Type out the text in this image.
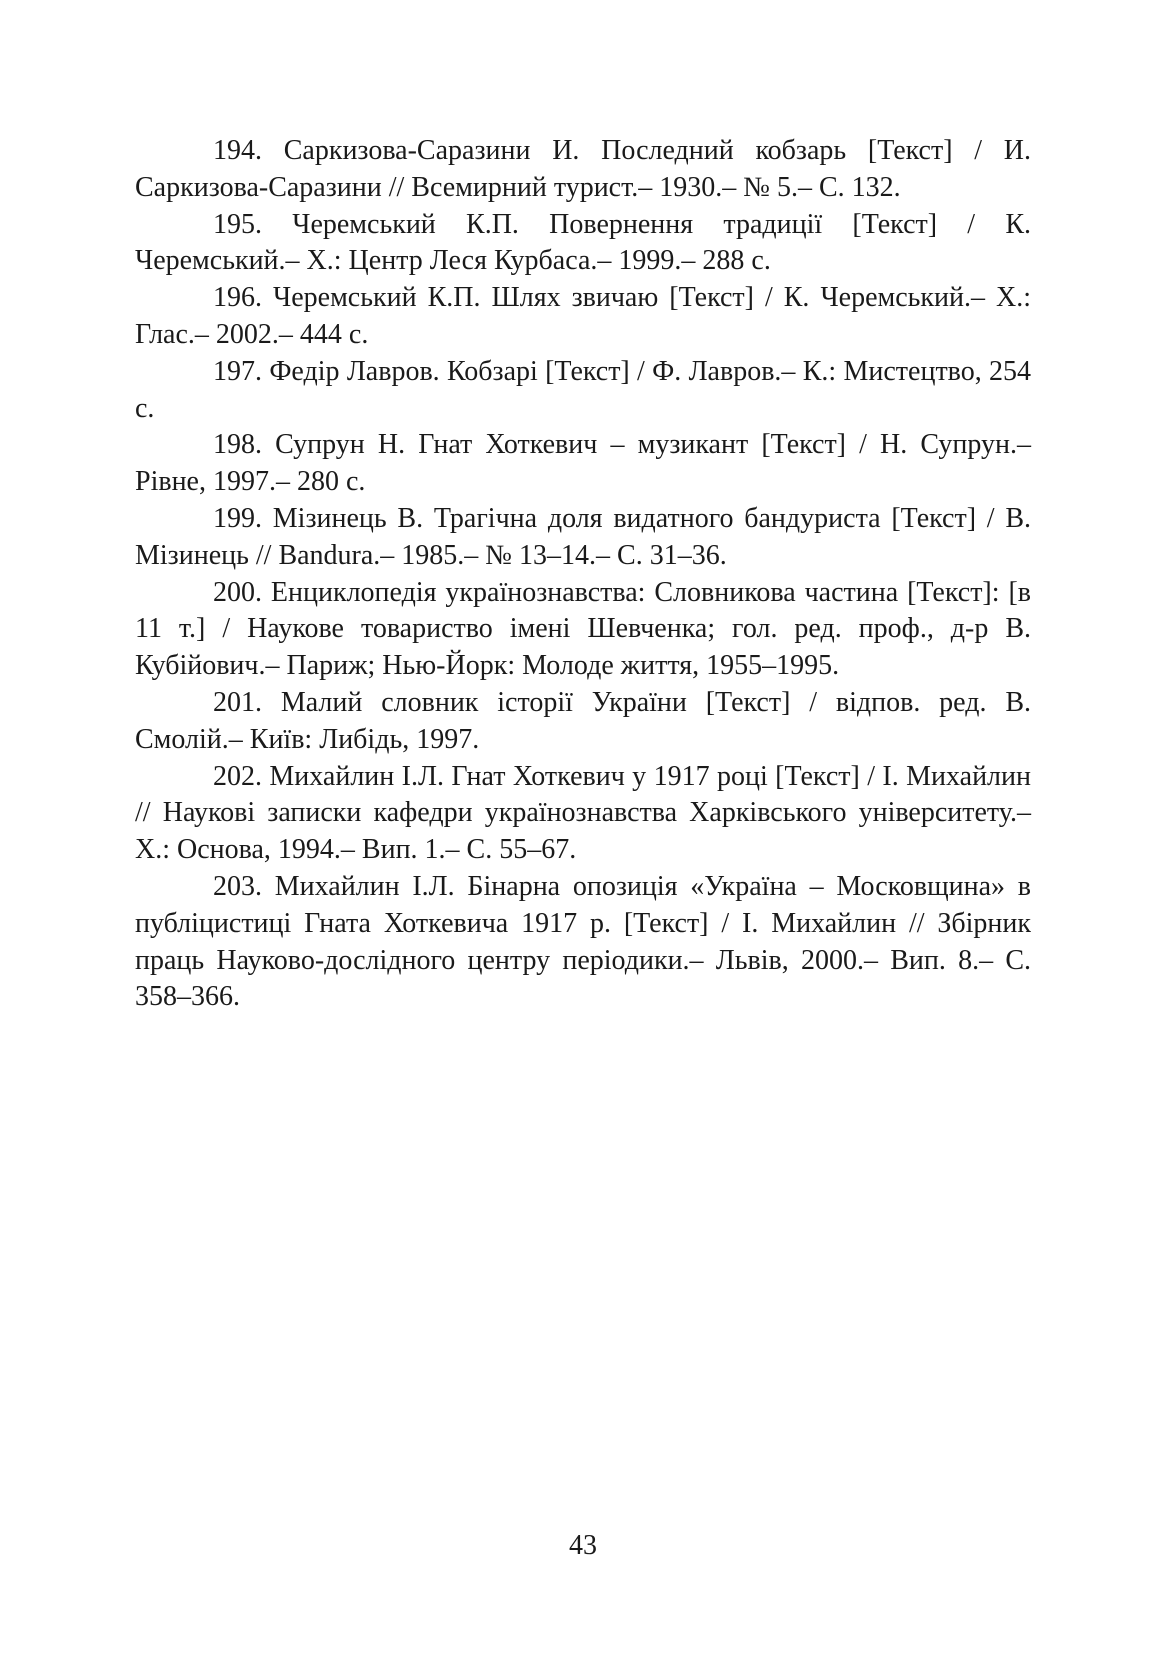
194. Саркизова-Саразини И. Последний кобзарь [Текст] / И. Саркизова-Саразини // Всемирний турист.– 1930.– № 5.– С. 132.
195. Черемський К.П. Повернення традиції [Текст] / К. Черемський.– Х.: Центр Леся Курбаса.– 1999.– 288 с.
196. Черемський К.П. Шлях звичаю [Текст] / К. Черемський.– Х.: Глас.– 2002.– 444 с.
197. Федір Лавров. Кобзарі [Текст] / Ф. Лавров.– К.: Мистецтво, 254 с.
198. Супрун Н. Гнат Хоткевич – музикант [Текст] / Н. Супрун.– Рівне, 1997.– 280 с.
199. Мізинець В. Трагічна доля видатного бандуриста [Текст] / В. Мізинець // Bandura.– 1985.– № 13–14.– С. 31–36.
200. Енциклопедія українознавства: Словникова частина [Текст]: [в 11 т.] / Наукове товариство імені Шевченка; гол. ред. проф., д-р В. Кубійович.– Париж; Нью-Йорк: Молоде життя, 1955–1995.
201. Малий словник історії України [Текст] / відпов. ред. В. Смолій.– Київ: Либідь, 1997.
202. Михайлин І.Л. Гнат Хоткевич у 1917 році [Текст] / І. Михайлин // Наукові записки кафедри українознавства Харківського університету.– Х.: Основа, 1994.– Вип. 1.– С. 55–67.
203. Михайлин І.Л. Бінарна опозиція «Україна – Московщина» в публіцистиці Гната Хоткевича 1917 р. [Текст] / І. Михайлин // Збірник праць Науково-дослідного центру періодики.– Львів, 2000.– Вип. 8.– С. 358–366.
43
